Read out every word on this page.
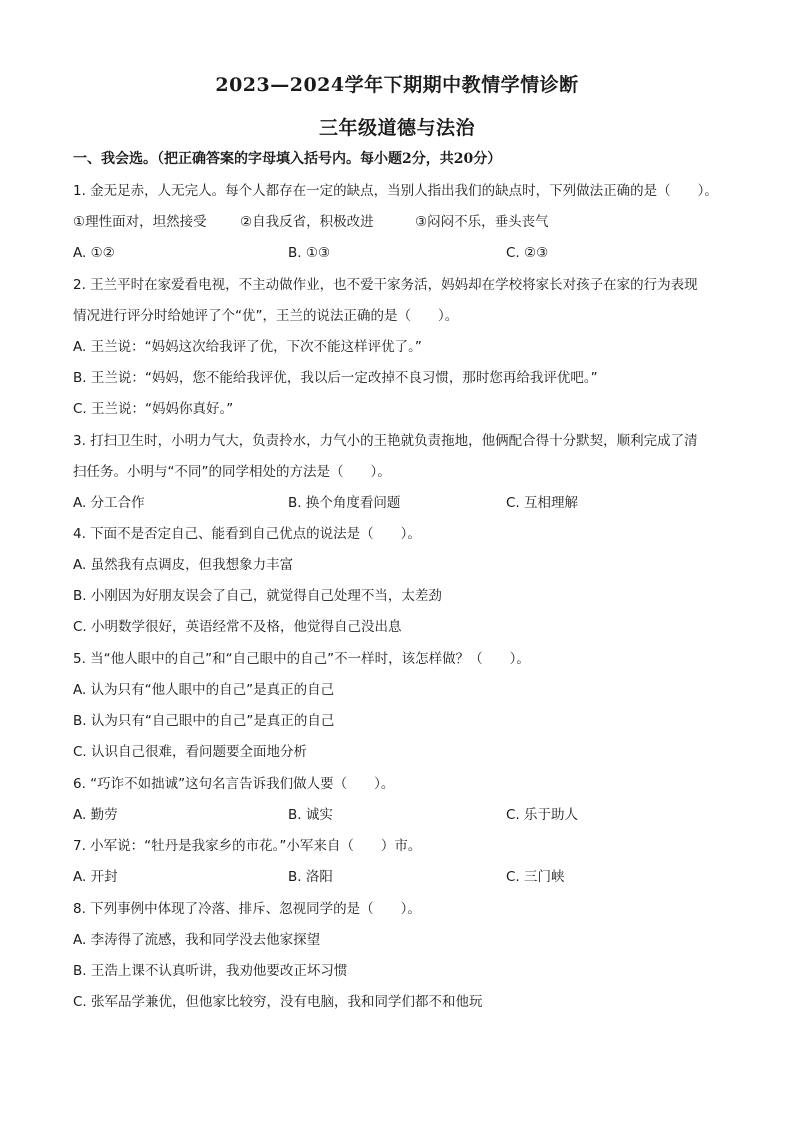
2023—2024学年下期期中教情学情诊断
三年级道德与法治
一、我会选。（把正确答案的字母填入括号内。每小题2分，共20分）
1. 金无足赤，人无完人。每个人都存在一定的缺点，当别人指出我们的缺点时，下列做法正确的是（　　）。
①理性面对，坦然接受 ②自我反省，积极改进	③闷闷不乐，垂头丧气
A. ①②	B. ①③	C. ②③
2. 王兰平时在家爱看电视，不主动做作业，也不爱干家务活，妈妈却在学校将家长对孩子在家的行为表现
情况进行评分时给她评了个“优”，王兰的说法正确的是（　　）。
A. 王兰说：“妈妈这次给我评了优，下次不能这样评优了。”
B. 王兰说：“妈妈，您不能给我评优，我以后一定改掉不良习惯，那时您再给我评优吧。”
C. 王兰说：“妈妈你真好。”
3. 打扫卫生时，小明力气大，负责拎水，力气小的王艳就负责拖地，他俩配合得十分默契，顺利完成了清
扫任务。小明与“不同”的同学相处的方法是（　　）。
A. 分工合作	B. 换个角度看问题	C. 互相理解
4. 下面不是否定自己、能看到自己优点的说法是（　　）。
A. 虽然我有点调皮，但我想象力丰富
B. 小刚因为好朋友误会了自己，就觉得自己处理不当，太差劲
C. 小明数学很好，英语经常不及格，他觉得自己没出息
5. 当“他人眼中的自己”和“自己眼中的自己”不一样时，该怎样做？（　　）。
A. 认为只有“他人眼中的自己”是真正的自己
B. 认为只有“自己眼中的自己”是真正的自己
C. 认识自己很难，看问题要全面地分析
6. “巧诈不如拙诚”这句名言告诉我们做人要（　　）。
A. 勤劳	B. 诚实	C. 乐于助人
7. 小军说：“牡丹是我家乡的市花。”小军来自（　　）市。
A. 开封	B. 洛阳	C. 三门峡
8. 下列事例中体现了冷落、排斥、忽视同学的是（　　）。
A. 李涛得了流感，我和同学没去他家探望
B. 王浩上课不认真听讲，我劝他要改正坏习惯
C. 张军品学兼优，但他家比较穷，没有电脑，我和同学们都不和他玩
